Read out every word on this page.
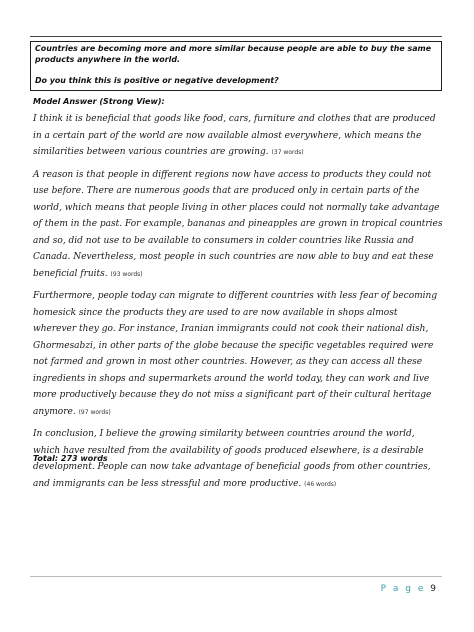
Countries are becoming more and more similar because people are able to buy the same products anywhere in the world.
Do you think this is positive or negative development?
Model Answer (Strong View):

I think it is beneficial that goods like food, cars, furniture and clothes that are produced in a certain part of the world are now available almost everywhere, which means the similarities between various countries are growing. (37 words)

A reason is that people in different regions now have access to products they could not use before. There are numerous goods that are produced only in certain parts of the world, which means that people living in other places could not normally take advantage of them in the past. For example, bananas and pineapples are grown in tropical countries and so, did not use to be available to consumers in colder countries like Russia and Canada. Nevertheless, most people in such countries are now able to buy and eat these beneficial fruits. (93 words)

Furthermore, people today can migrate to different countries with less fear of becoming homesick since the products they are used to are now available in shops almost wherever they go. For instance, Iranian immigrants could not cook their national dish, Ghormesabzi, in other parts of the globe because the specific vegetables required were not farmed and grown in most other countries. However, as they can access all these ingredients in shops and supermarkets around the world today, they can work and live more productively because they do not miss a significant part of their cultural heritage anymore. (97 words)

In conclusion, I believe the growing similarity between countries around the world, which have resulted from the availability of goods produced elsewhere, is a desirable development. People can now take advantage of beneficial goods from other countries, and immigrants can be less stressful and more productive. (46 words)

Total: 273 words
P a g e 9
